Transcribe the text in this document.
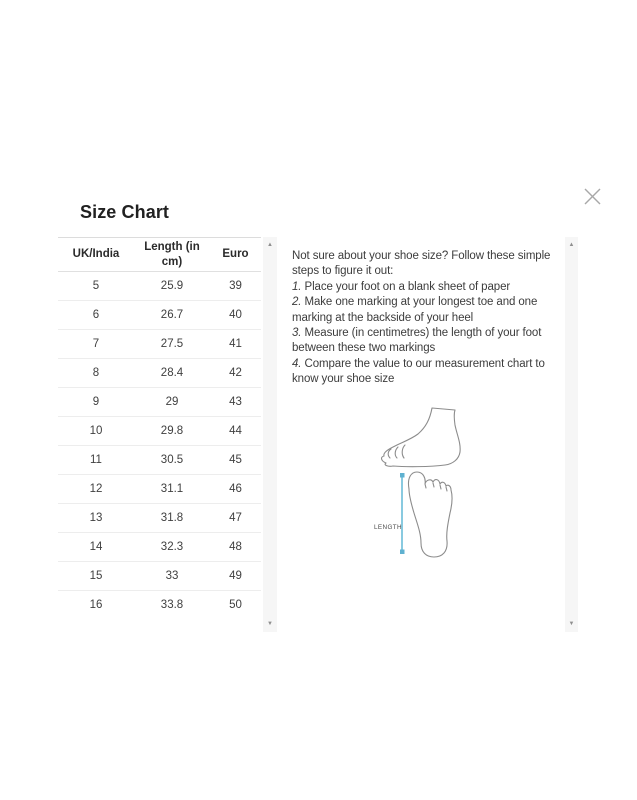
Size Chart
UK/India	Length (in cm)	Euro
5	25.9	39
6	26.7	40
7	27.5	41
8	28.4	42
9	29	43
10	29.8	44
11	30.5	45
12	31.1	46
13	31.8	47
14	32.3	48
15	33	49
16	33.8	50
▲
▼
Not sure about your shoe size? Follow these simple steps to figure it out:
1. Place your foot on a blank sheet of paper
2. Make one marking at your longest toe and one marking at the backside of your heel
3. Measure (in centimetres) the length of your foot between these two markings
4. Compare the value to our measurement chart to know your shoe size
▲
▼
LENGTH
